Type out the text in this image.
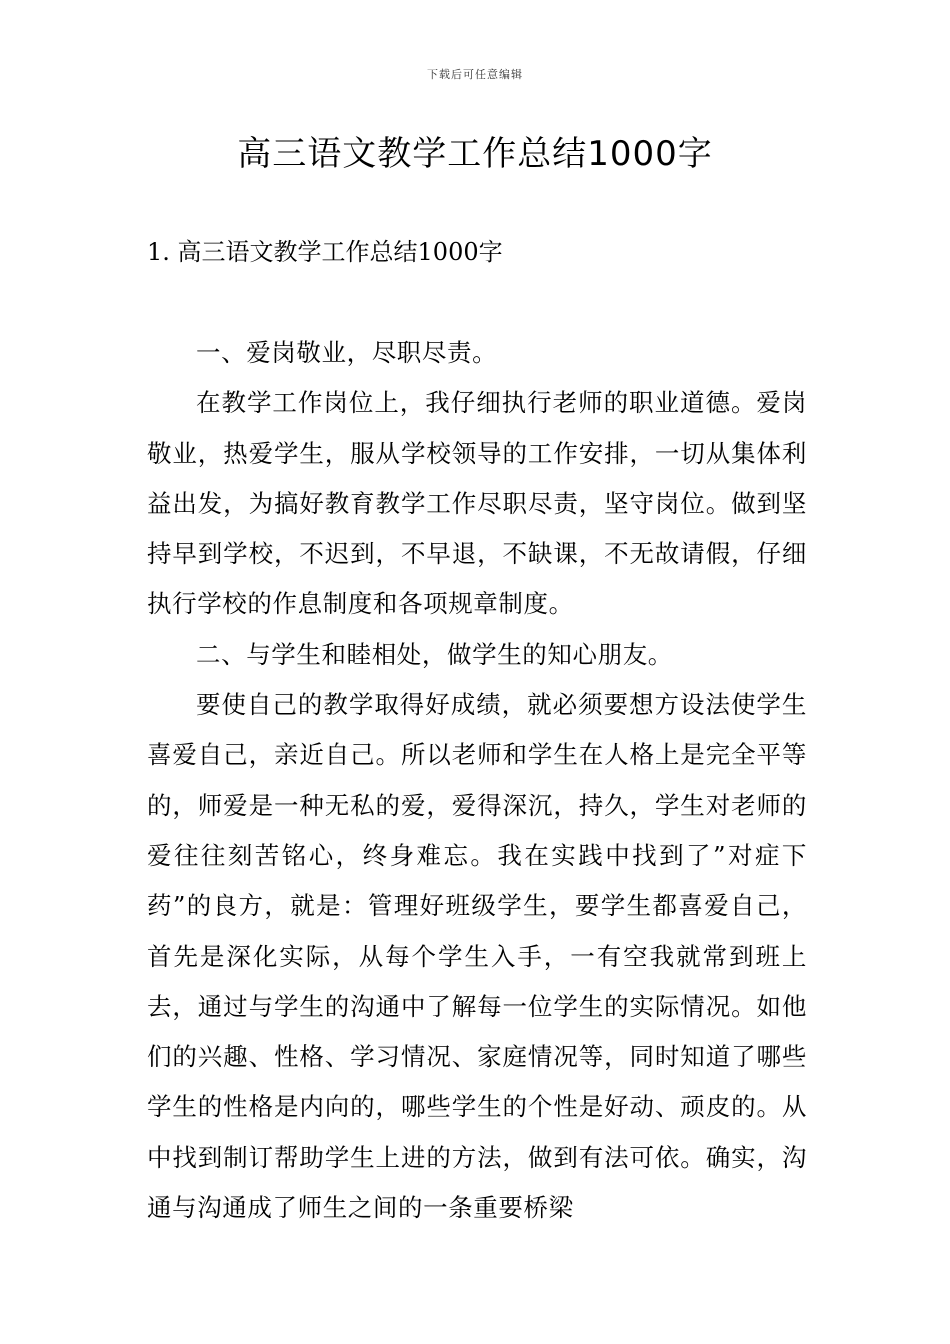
下载后可任意编辑
高三语文教学工作总结1000字
1. 高三语文教学工作总结1000字

一、爱岗敬业，尽职尽责。

在教学工作岗位上，我仔细执行老师的职业道德。爱岗敬业，热爱学生，服从学校领导的工作安排，一切从集体利益出发，为搞好教育教学工作尽职尽责，坚守岗位。做到坚持早到学校，不迟到，不早退，不缺课，不无故请假，仔细执行学校的作息制度和各项规章制度。

二、与学生和睦相处，做学生的知心朋友。

要使自己的教学取得好成绩，就必须要想方设法使学生喜爱自己，亲近自己。所以老师和学生在人格上是完全平等的，师爱是一种无私的爱，爱得深沉，持久，学生对老师的爱往往刻苦铭心，终身难忘。我在实践中找到了”对症下药”的良方，就是：管理好班级学生，要学生都喜爱自己，首先是深化实际，从每个学生入手，一有空我就常到班上去，通过与学生的沟通中了解每一位学生的实际情况。如他们的兴趣、性格、学习情况、家庭情况等，同时知道了哪些学生的性格是内向的，哪些学生的个性是好动、顽皮的。从中找到制订帮助学生上进的方法，做到有法可依。确实，沟通与沟通成了师生之间的一条重要桥梁
